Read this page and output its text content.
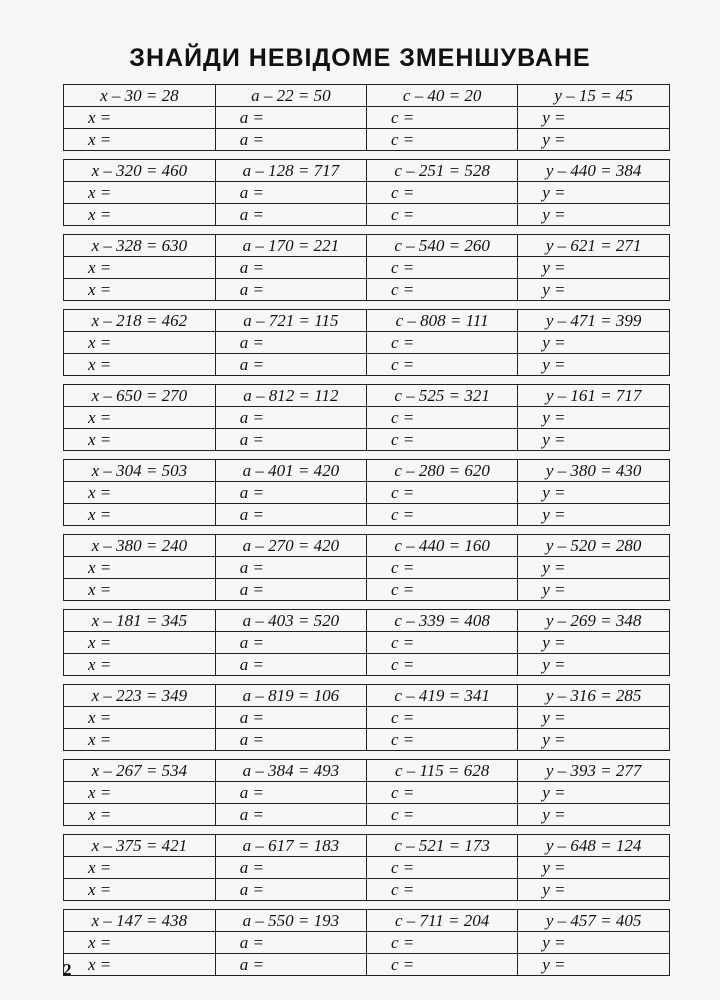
ЗНАЙДИ НЕВІДОМЕ ЗМЕНШУВАНЕ
x – 30 = 28	a – 22 = 50	c – 40 = 20	y – 15 = 45
x =	a =	c =	y =
x =	a =	c =	y =
x – 320 = 460	a – 128 = 717	c – 251 = 528	y – 440 = 384
x =	a =	c =	y =
x =	a =	c =	y =
x – 328 = 630	a – 170 = 221	c – 540 = 260	y – 621 = 271
x =	a =	c =	y =
x =	a =	c =	y =
x – 218 = 462	a – 721 = 115	c – 808 = 111	y – 471 = 399
x =	a =	c =	y =
x =	a =	c =	y =
x – 650 = 270	a – 812 = 112	c – 525 = 321	y – 161 = 717
x =	a =	c =	y =
x =	a =	c =	y =
x – 304 = 503	a – 401 = 420	c – 280 = 620	y – 380 = 430
x =	a =	c =	y =
x =	a =	c =	y =
x – 380 = 240	a – 270 = 420	c – 440 = 160	y – 520 = 280
x =	a =	c =	y =
x =	a =	c =	y =
x – 181 = 345	a – 403 = 520	c – 339 = 408	y – 269 = 348
x =	a =	c =	y =
x =	a =	c =	y =
x – 223 = 349	a – 819 = 106	c – 419 = 341	y – 316 = 285
x =	a =	c =	y =
x =	a =	c =	y =
x – 267 = 534	a – 384 = 493	c – 115 = 628	y – 393 = 277
x =	a =	c =	y =
x =	a =	c =	y =
x – 375 = 421	a – 617 = 183	c – 521 = 173	y – 648 = 124
x =	a =	c =	y =
x =	a =	c =	y =
x – 147 = 438	a – 550 = 193	c – 711 = 204	y – 457 = 405
x =	a =	c =	y =
x =	a =	c =	y =
2
